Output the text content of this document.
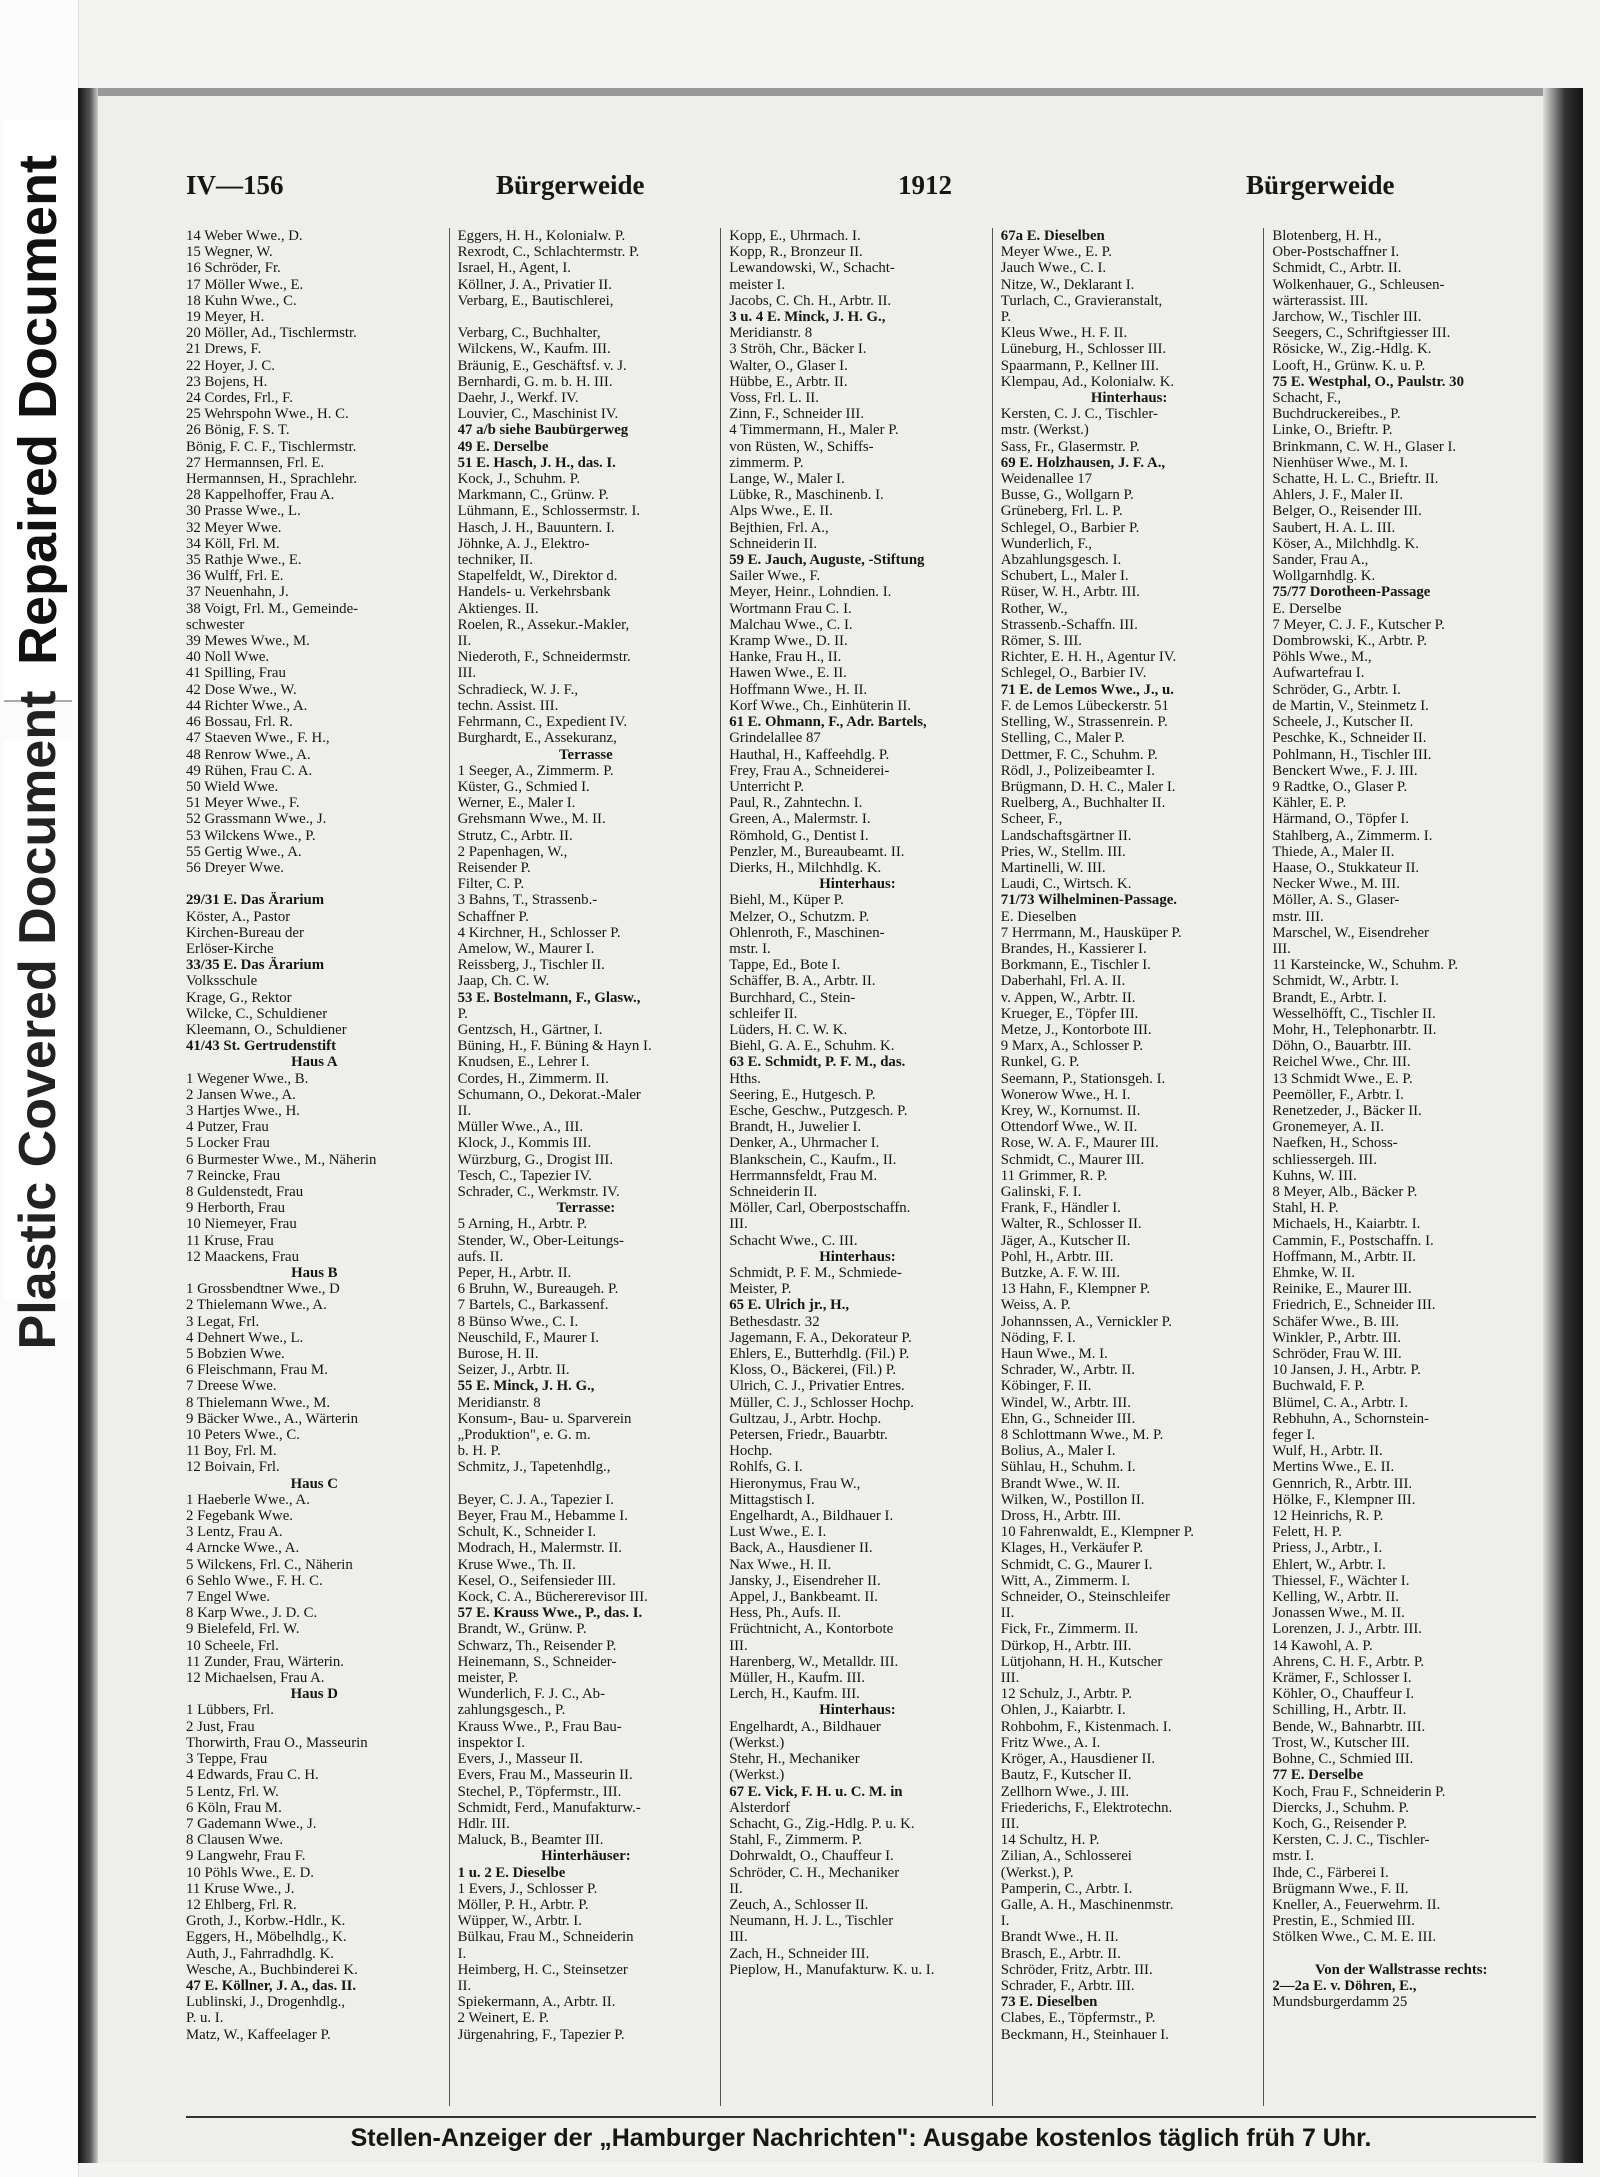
Repaired Document
Plastic Covered Document
IV—156	Bürgerweide	1912	Bürgerweide
14 Weber Wwe., D.
15 Wegner, W.
16 Schröder, Fr.
17 Möller Wwe., E.
18 Kuhn Wwe., C.
19 Meyer, H.
20 Möller, Ad., Tischlermstr.
21 Drews, F.
22 Hoyer, J. C.
23 Bojens, H.
24 Cordes, Frl., F.
25 Wehrspohn Wwe., H. C.
26 Bönig, F. S. T.
Bönig, F. C. F., Tischlermstr.
27 Hermannsen, Frl. E.
Hermannsen, H., Sprachlehr.
28 Kappelhoffer, Frau A.
30 Prasse Wwe., L.
32 Meyer Wwe.
34 Köll, Frl. M.
35 Rathje Wwe., E.
36 Wulff, Frl. E.
37 Neuenhahn, J.
38 Voigt, Frl. M., Gemeinde-
schwester
39 Mewes Wwe., M.
40 Noll Wwe.
41 Spilling, Frau
42 Dose Wwe., W.
44 Richter Wwe., A.
46 Bossau, Frl. R.
47 Staeven Wwe., F. H.,
48 Renrow Wwe., A.
49 Rühen, Frau C. A.
50 Wield Wwe.
51 Meyer Wwe., F.
52 Grassmann Wwe., J.
53 Wilckens Wwe., P.
55 Gertig Wwe., A.
56 Dreyer Wwe.

29/31 E. Das Ärarium
Köster, A., Pastor
Kirchen-Bureau der
Erlöser-Kirche
33/35 E. Das Ärarium
Volksschule
Krage, G., Rektor
Wilcke, C., Schuldiener
Kleemann, O., Schuldiener
41/43 St. Gertrudenstift
Haus A
1 Wegener Wwe., B.
2 Jansen Wwe., A.
3 Hartjes Wwe., H.
4 Putzer, Frau
5 Locker Frau
6 Burmester Wwe., M., Näherin
7 Reincke, Frau
8 Guldenstedt, Frau
9 Herborth, Frau
10 Niemeyer, Frau
11 Kruse, Frau
12 Maackens, Frau
Haus B
1 Grossbendtner Wwe., D
2 Thielemann Wwe., A.
3 Legat, Frl.
4 Dehnert Wwe., L.
5 Bobzien Wwe.
6 Fleischmann, Frau M.
7 Dreese Wwe.
8 Thielemann Wwe., M.
9 Bäcker Wwe., A., Wärterin
10 Peters Wwe., C.
11 Boy, Frl. M.
12 Boivain, Frl.
Haus C
1 Haeberle Wwe., A.
2 Fegebank Wwe.
3 Lentz, Frau A.
4 Arncke Wwe., A.
5 Wilckens, Frl. C., Näherin
6 Sehlo Wwe., F. H. C.
7 Engel Wwe.
8 Karp Wwe., J. D. C.
9 Bielefeld, Frl. W.
10 Scheele, Frl.
11 Zunder, Frau, Wärterin.
12 Michaelsen, Frau A.
Haus D
1 Lübbers, Frl.
2 Just, Frau
Thorwirth, Frau O., Masseurin
3 Teppe, Frau
4 Edwards, Frau C. H.
5 Lentz, Frl. W.
6 Köln, Frau M.
7 Gademann Wwe., J.
8 Clausen Wwe.
9 Langwehr, Frau F.
10 Pöhls Wwe., E. D.
11 Kruse Wwe., J.
12 Ehlberg, Frl. R.
Groth, J., Korbw.-Hdlr., K.
Eggers, H., Möbelhdlg., K.
Auth, J., Fahrradhdlg. K.
Wesche, A., Buchbinderei K.
47 E. Köllner, J. A., das. II.
Lublinski, J., Drogenhdlg.,
P. u. I.
Matz, W., Kaffeelager P.
Eggers, H. H., Kolonialw. P.
Rexrodt, C., Schlachtermstr. P.
Israel, H., Agent, I.
Köllner, J. A., Privatier II.
Verbarg, E., Bautischlerei,

Verbarg, C., Buchhalter,
Wilckens, W., Kaufm. III.
Bräunig, E., Geschäftsf. v. J.
Bernhardi, G. m. b. H. III.
Daehr, J., Werkf. IV.
Louvier, C., Maschinist IV.
47 a/b siehe Baubürgerweg
49 E. Derselbe
51 E. Hasch, J. H., das. I.
Kock, J., Schuhm. P.
Markmann, C., Grünw. P.
Lühmann, E., Schlossermstr. I.
Hasch, J. H., Bauuntern. I.
Jöhnke, A. J., Elektro-
techniker, II.
Stapelfeldt, W., Direktor d.
Handels- u. Verkehrsbank
Aktienges. II.
Roelen, R., Assekur.-Makler,
II.
Niederoth, F., Schneidermstr.
III.
Schradieck, W. J. F.,
techn. Assist. III.
Fehrmann, C., Expedient IV.
Burghardt, E., Assekuranz,
Terrasse
1 Seeger, A., Zimmerm. P.
Küster, G., Schmied I.
Werner, E., Maler I.
Grehsmann Wwe., M. II.
Strutz, C., Arbtr. II.
2 Papenhagen, W.,
Reisender P.
Filter, C. P.
3 Bahns, T., Strassenb.-
Schaffner P.
4 Kirchner, H., Schlosser P.
Amelow, W., Maurer I.
Reissberg, J., Tischler II.
Jaap, Ch. C. W.
53 E. Bostelmann, F., Glasw.,
P.
Gentzsch, H., Gärtner, I.
Büning, H., F. Büning & Hayn I.
Knudsen, E., Lehrer I.
Cordes, H., Zimmerm. II.
Schumann, O., Dekorat.-Maler
II.
Müller Wwe., A., III.
Klock, J., Kommis III.
Würzburg, G., Drogist III.
Tesch, C., Tapezier IV.
Schrader, C., Werkmstr. IV.
Terrasse:
5 Arning, H., Arbtr. P.
Stender, W., Ober-Leitungs-
aufs. II.
Peper, H., Arbtr. II.
6 Bruhn, W., Bureaugeh. P.
7 Bartels, C., Barkassenf.
8 Bünso Wwe., C. I.
Neuschild, F., Maurer I.
Burose, H. II.
Seizer, J., Arbtr. II.
55 E. Minck, J. H. G.,
Meridianstr. 8
Konsum-, Bau- u. Sparverein
„Produktion", e. G. m.
b. H. P.
Schmitz, J., Tapetenhdlg.,

Beyer, C. J. A., Tapezier I.
Beyer, Frau M., Hebamme I.
Schult, K., Schneider I.
Modrach, H., Malermstr. II.
Kruse Wwe., Th. II.
Kesel, O., Seifensieder III.
Kock, C. A., Büchererevisor III.
57 E. Krauss Wwe., P., das. I.
Brandt, W., Grünw. P.
Schwarz, Th., Reisender P.
Heinemann, S., Schneider-
meister, P.
Wunderlich, F. J. C., Ab-
zahlungsgesch., P.
Krauss Wwe., P., Frau Bau-
inspektor I.
Evers, J., Masseur II.
Evers, Frau M., Masseurin II.
Stechel, P., Töpfermstr., III.
Schmidt, Ferd., Manufakturw.-
Hdlr. III.
Maluck, B., Beamter III.
Hinterhäuser:
1 u. 2 E. Dieselbe
1 Evers, J., Schlosser P.
Möller, P. H., Arbtr. P.
Wüpper, W., Arbtr. I.
Bülkau, Frau M., Schneiderin
I.
Heimberg, H. C., Steinsetzer
II.
Spiekermann, A., Arbtr. II.
2 Weinert, E. P.
Jürgenahring, F., Tapezier P.
Kopp, E., Uhrmach. I.
Kopp, R., Bronzeur II.
Lewandowski, W., Schacht-
meister I.
Jacobs, C. Ch. H., Arbtr. II.
3 u. 4 E. Minck, J. H. G.,
Meridianstr. 8
3 Ströh, Chr., Bäcker I.
Walter, O., Glaser I.
Hübbe, E., Arbtr. II.
Voss, Frl. L. II.
Zinn, F., Schneider III.
4 Timmermann, H., Maler P.
von Rüsten, W., Schiffs-
zimmerm. P.
Lange, W., Maler I.
Lübke, R., Maschinenb. I.
Alps Wwe., E. II.
Bejthien, Frl. A.,
Schneiderin II.
59 E. Jauch, Auguste, -Stiftung
Sailer Wwe., F.
Meyer, Heinr., Lohndien. I.
Wortmann Frau C. I.
Malchau Wwe., C. I.
Kramp Wwe., D. II.
Hanke, Frau H., II.
Hawen Wwe., E. II.
Hoffmann Wwe., H. II.
Korf Wwe., Ch., Einhüterin II.
61 E. Ohmann, F., Adr. Bartels,
Grindelallee 87
Hauthal, H., Kaffeehdlg. P.
Frey, Frau A., Schneiderei-
Unterricht P.
Paul, R., Zahntechn. I.
Green, A., Malermstr. I.
Römhold, G., Dentist I.
Penzler, M., Bureaubeamt. II.
Dierks, H., Milchhdlg. K.
Hinterhaus:
Biehl, M., Küper P.
Melzer, O., Schutzm. P.
Ohlenroth, F., Maschinen-
mstr. I.
Tappe, Ed., Bote I.
Schäffer, B. A., Arbtr. II.
Burchhard, C., Stein-
schleifer II.
Lüders, H. C. W. K.
Biehl, G. A. E., Schuhm. K.
63 E. Schmidt, P. F. M., das.
Hths.
Seering, E., Hutgesch. P.
Esche, Geschw., Putzgesch. P.
Brandt, H., Juwelier I.
Denker, A., Uhrmacher I.
Blankschein, C., Kaufm., II.
Herrmannsfeldt, Frau M.
Schneiderin II.
Möller, Carl, Oberpostschaffn.
III.
Schacht Wwe., C. III.
Hinterhaus:
Schmidt, P. F. M., Schmiede-
Meister, P.
65 E. Ulrich jr., H.,
Bethesdastr. 32
Jagemann, F. A., Dekorateur P.
Ehlers, E., Butterhdlg. (Fil.) P.
Kloss, O., Bäckerei, (Fil.) P.
Ulrich, C. J., Privatier Entres.
Müller, C. J., Schlosser Hochp.
Gultzau, J., Arbtr. Hochp.
Petersen, Friedr., Bauarbtr.
Hochp.
Rohlfs, G. I.
Hieronymus, Frau W.,
Mittagstisch I.
Engelhardt, A., Bildhauer I.
Lust Wwe., E. I.
Back, A., Hausdiener II.
Nax Wwe., H. II.
Jansky, J., Eisendreher II.
Appel, J., Bankbeamt. II.
Hess, Ph., Aufs. II.
Früchtnicht, A., Kontorbote
III.
Harenberg, W., Metalldr. III.
Müller, H., Kaufm. III.
Lerch, H., Kaufm. III.
Hinterhaus:
Engelhardt, A., Bildhauer
(Werkst.)
Stehr, H., Mechaniker
(Werkst.)
67 E. Vick, F. H. u. C. M. in
Alsterdorf
Schacht, G., Zig.-Hdlg. P. u. K.
Stahl, F., Zimmerm. P.
Dohrwaldt, O., Chauffeur I.
Schröder, C. H., Mechaniker
II.
Zeuch, A., Schlosser II.
Neumann, H. J. L., Tischler
III.
Zach, H., Schneider III.
Pieplow, H., Manufakturw. K. u. I.
67a E. Dieselben
Meyer Wwe., E. P.
Jauch Wwe., C. I.
Nitze, W., Deklarant I.
Turlach, C., Gravieranstalt,
P.
Kleus Wwe., H. F. II.
Lüneburg, H., Schlosser III.
Spaarmann, P., Kellner III.
Klempau, Ad., Kolonialw. K.
Hinterhaus:
Kersten, C. J. C., Tischler-
mstr. (Werkst.)
Sass, Fr., Glasermstr. P.
69 E. Holzhausen, J. F. A.,
Weidenallee 17
Busse, G., Wollgarn P.
Grüneberg, Frl. L. P.
Schlegel, O., Barbier P.
Wunderlich, F.,
Abzahlungsgesch. I.
Schubert, L., Maler I.
Rüser, W. H., Arbtr. III.
Rother, W.,
Strassenb.-Schaffn. III.
Römer, S. III.
Richter, E. H. H., Agentur IV.
Schlegel, O., Barbier IV.
71 E. de Lemos Wwe., J., u.
F. de Lemos Lübeckerstr. 51
Stelling, W., Strassenrein. P.
Stelling, C., Maler P.
Dettmer, F. C., Schuhm. P.
Rödl, J., Polizeibeamter I.
Brügmann, D. H. C., Maler I.
Ruelberg, A., Buchhalter II.
Scheer, F.,
Landschaftsgärtner II.
Pries, W., Stellm. III.
Martinelli, W. III.
Laudi, C., Wirtsch. K.
71/73 Wilhelminen-Passage.
E. Dieselben
7 Herrmann, M., Hausküper P.
Brandes, H., Kassierer I.
Borkmann, E., Tischler I.
Daberhahl, Frl. A. II.
v. Appen, W., Arbtr. II.
Krueger, E., Töpfer III.
Metze, J., Kontorbote III.
9 Marx, A., Schlosser P.
Runkel, G. P.
Seemann, P., Stationsgeh. I.
Wonerow Wwe., H. I.
Krey, W., Kornumst. II.
Ottendorf Wwe., W. II.
Rose, W. A. F., Maurer III.
Schmidt, C., Maurer III.
11 Grimmer, R. P.
Galinski, F. I.
Frank, F., Händler I.
Walter, R., Schlosser II.
Jäger, A., Kutscher II.
Pohl, H., Arbtr. III.
Butzke, A. F. W. III.
13 Hahn, F., Klempner P.
Weiss, A. P.
Johannssen, A., Vernickler P.
Nöding, F. I.
Haun Wwe., M. I.
Schrader, W., Arbtr. II.
Köbinger, F. II.
Windel, W., Arbtr. III.
Ehn, G., Schneider III.
8 Schlottmann Wwe., M. P.
Bolius, A., Maler I.
Sühlau, H., Schuhm. I.
Brandt Wwe., W. II.
Wilken, W., Postillon II.
Dross, H., Arbtr. III.
10 Fahrenwaldt, E., Klempner P.
Klages, H., Verkäufer P.
Schmidt, C. G., Maurer I.
Witt, A., Zimmerm. I.
Schneider, O., Steinschleifer
II.
Fick, Fr., Zimmerm. II.
Dürkop, H., Arbtr. III.
Lütjohann, H. H., Kutscher
III.
12 Schulz, J., Arbtr. P.
Ohlen, J., Kaiarbtr. I.
Rohbohm, F., Kistenmach. I.
Fritz Wwe., A. I.
Kröger, A., Hausdiener II.
Bautz, F., Kutscher II.
Zellhorn Wwe., J. III.
Friederichs, F., Elektrotechn.
III.
14 Schultz, H. P.
Zilian, A., Schlosserei
(Werkst.), P.
Pamperin, C., Arbtr. I.
Galle, A. H., Maschinenmstr.
I.
Brandt Wwe., H. II.
Brasch, E., Arbtr. II.
Schröder, Fritz, Arbtr. III.
Schrader, F., Arbtr. III.
73 E. Dieselben
Clabes, E., Töpfermstr., P.
Beckmann, H., Steinhauer I.
Blotenberg, H. H.,
Ober-Postschaffner I.
Schmidt, C., Arbtr. II.
Wolkenhauer, G., Schleusen-
wärterassist. III.
Jarchow, W., Tischler III.
Seegers, C., Schriftgiesser III.
Rösicke, W., Zig.-Hdlg. K.
Looft, H., Grünw. K. u. P.
75 E. Westphal, O., Paulstr. 30
Schacht, F.,
Buchdruckereibes., P.
Linke, O., Brieftr. P.
Brinkmann, C. W. H., Glaser I.
Nienhüser Wwe., M. I.
Schatte, H. L. C., Brieftr. II.
Ahlers, J. F., Maler II.
Belger, O., Reisender III.
Saubert, H. A. L. III.
Köser, A., Milchhdlg. K.
Sander, Frau A.,
Wollgarnhdlg. K.
75/77 Dorotheen-Passage
E. Derselbe
7 Meyer, C. J. F., Kutscher P.
Dombrowski, K., Arbtr. P.
Pöhls Wwe., M.,
Aufwartefrau I.
Schröder, G., Arbtr. I.
de Martin, V., Steinmetz I.
Scheele, J., Kutscher II.
Peschke, K., Schneider II.
Pohlmann, H., Tischler III.
Benckert Wwe., F. J. III.
9 Radtke, O., Glaser P.
Kähler, E. P.
Härmand, O., Töpfer I.
Stahlberg, A., Zimmerm. I.
Thiede, A., Maler II.
Haase, O., Stukkateur II.
Necker Wwe., M. III.
Möller, A. S., Glaser-
mstr. III.
Marschel, W., Eisendreher
III.
11 Karsteincke, W., Schuhm. P.
Schmidt, W., Arbtr. I.
Brandt, E., Arbtr. I.
Wesselhöfft, C., Tischler II.
Mohr, H., Telephonarbtr. II.
Döhn, O., Bauarbtr. III.
Reichel Wwe., Chr. III.
13 Schmidt Wwe., E. P.
Peemöller, F., Arbtr. I.
Renetzeder, J., Bäcker II.
Gronemeyer, A. II.
Naefken, H., Schoss-
schliessergeh. III.
Kuhns, W. III.
8 Meyer, Alb., Bäcker P.
Stahl, H. P.
Michaels, H., Kaiarbtr. I.
Cammin, F., Postschaffn. I.
Hoffmann, M., Arbtr. II.
Ehmke, W. II.
Reinike, E., Maurer III.
Friedrich, E., Schneider III.
Schäfer Wwe., B. III.
Winkler, P., Arbtr. III.
Schröder, Frau W. III.
10 Jansen, J. H., Arbtr. P.
Buchwald, F. P.
Blümel, C. A., Arbtr. I.
Rebhuhn, A., Schornstein-
feger I.
Wulf, H., Arbtr. II.
Mertins Wwe., E. II.
Gennrich, R., Arbtr. III.
Hölke, F., Klempner III.
12 Heinrichs, R. P.
Felett, H. P.
Priess, J., Arbtr., I.
Ehlert, W., Arbtr. I.
Thiessel, F., Wächter I.
Kelling, W., Arbtr. II.
Jonassen Wwe., M. II.
Lorenzen, J. J., Arbtr. III.
14 Kawohl, A. P.
Ahrens, C. H. F., Arbtr. P.
Krämer, F., Schlosser I.
Köhler, O., Chauffeur I.
Schilling, H., Arbtr. II.
Bende, W., Bahnarbtr. III.
Trost, W., Kutscher III.
Bohne, C., Schmied III.
77 E. Derselbe
Koch, Frau F., Schneiderin P.
Diercks, J., Schuhm. P.
Koch, G., Reisender P.
Kersten, C. J. C., Tischler-
mstr. I.
Ihde, C., Färberei I.
Brügmann Wwe., F. II.
Kneller, A., Feuerwehrm. II.
Prestin, E., Schmied III.
Stölken Wwe., C. M. E. III.

Von der Wallstrasse rechts:
2—2a E. v. Döhren, E.,
Mundsburgerdamm 25
Stellen-Anzeiger der „Hamburger Nachrichten": Ausgabe kostenlos täglich früh 7 Uhr.
